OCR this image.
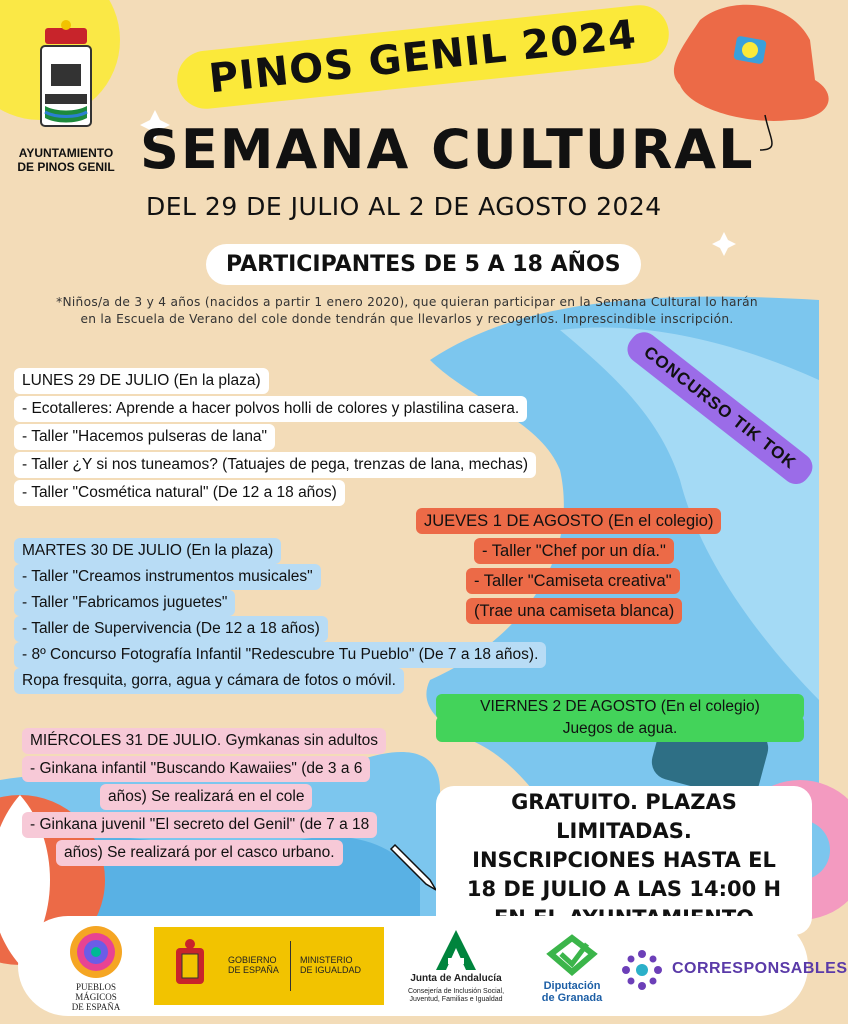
AYUNTAMIENTO
DE PINOS GENIL
PINOS GENIL 2024
SEMANA CULTURAL
DEL 29 DE JULIO AL 2 DE AGOSTO 2024
PARTICIPANTES DE 5 A 18 AÑOS
*Niños/a de 3 y 4 años (nacidos a partir 1 enero 2020), que quieran participar en la Semana Cultural lo harán en la Escuela de Verano del cole donde tendrán que llevarlos y recogerlos. Imprescindible inscripción.
CONCURSO TIK TOK
LUNES 29 DE JULIO (En la plaza)
- Ecotalleres: Aprende a hacer polvos holli de colores y plastilina casera.
- Taller "Hacemos pulseras de lana"
- Taller ¿Y si nos tuneamos? (Tatuajes de pega, trenzas de lana, mechas)
- Taller "Cosmética natural" (De 12 a 18 años)
JUEVES 1 DE AGOSTO (En el colegio)
- Taller "Chef por un día."
- Taller "Camiseta creativa"
(Trae una camiseta blanca)
MARTES 30 DE JULIO (En la plaza)
- Taller "Creamos instrumentos musicales"
- Taller "Fabricamos juguetes"
- Taller de Supervivencia (De 12 a 18 años)
- 8º Concurso Fotografía Infantil "Redescubre Tu Pueblo" (De 7 a 18 años).
Ropa fresquita, gorra, agua y cámara de fotos o móvil.
VIERNES 2 DE AGOSTO (En el colegio)
Juegos de agua.
MIÉRCOLES 31 DE JULIO. Gymkanas sin adultos
- Ginkana infantil "Buscando Kawaiies" (de 3 a 6
años) Se realizará en el cole
- Ginkana juvenil "El secreto del Genil" (de 7 a 18
años) Se realizará por el casco urbano.
GRATUITO. PLAZAS LIMITADAS.
INSCRIPCIONES HASTA EL
18 DE JULIO A LAS 14:00 H
PUEBLOS
MÁGICOS
DE ESPAÑA
GOBIERNO
DE ESPAÑA
MINISTERIO
DE IGUALDAD
Junta de Andalucía
Consejería de Inclusión Social,
Juventud, Familias e Igualdad
Diputación
de Granada
CORRESPONSABLES
